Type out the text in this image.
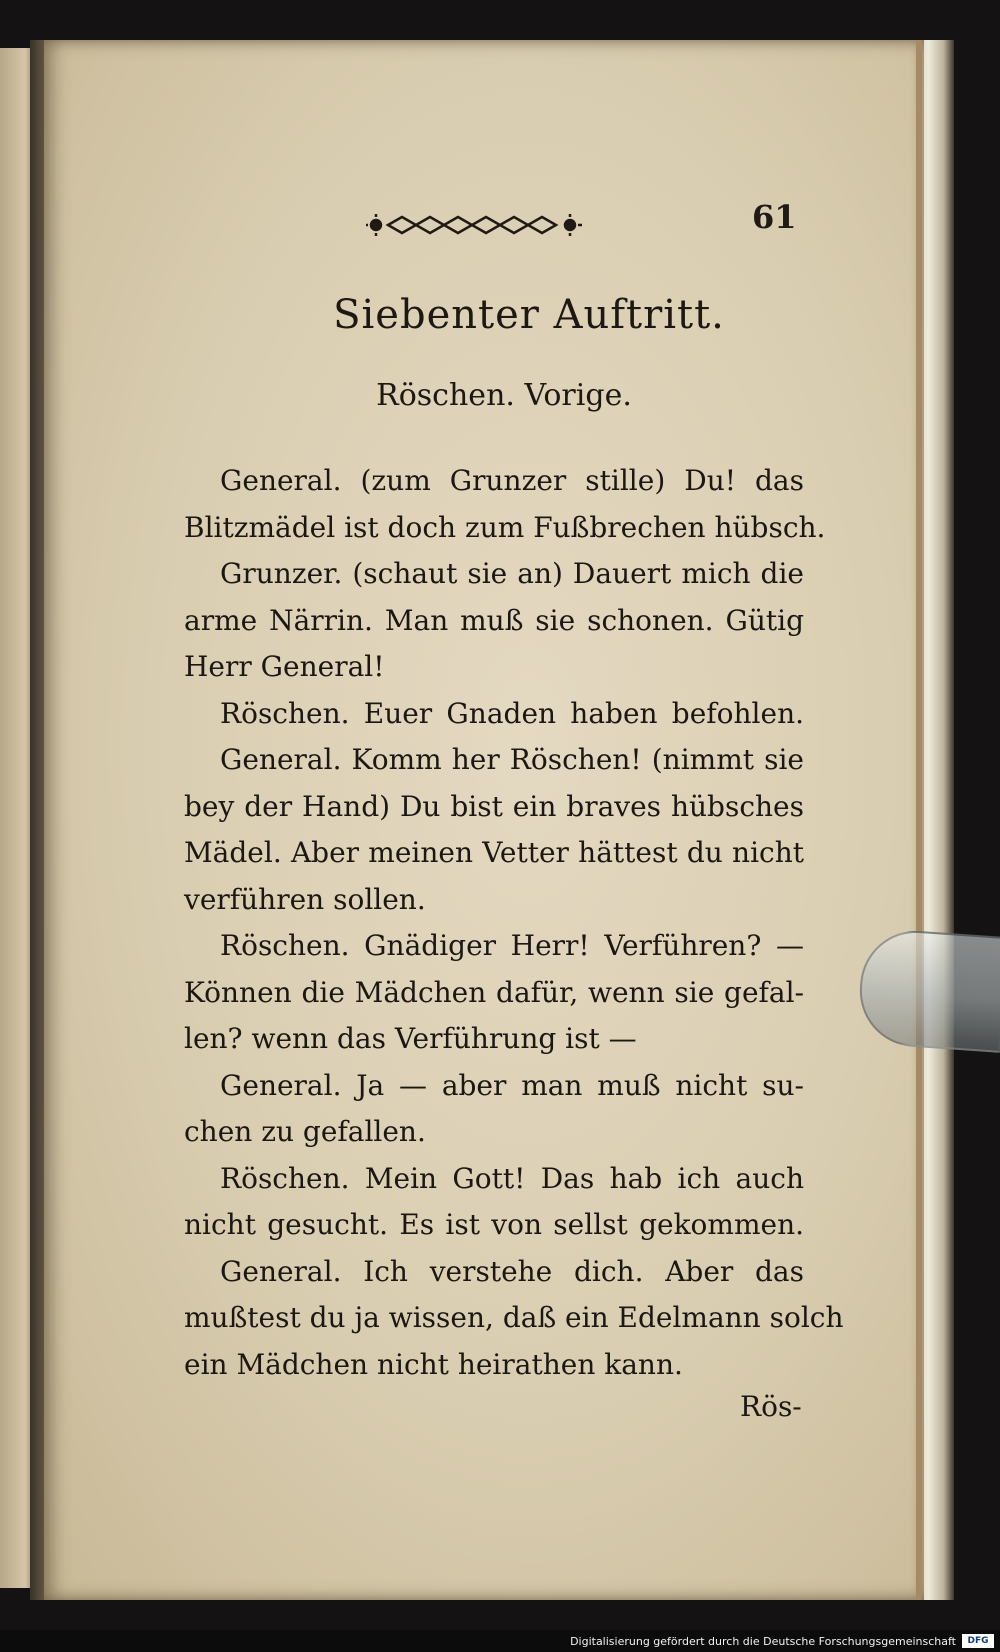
61
Siebenter Auftritt.
Röschen. Vorige.
General. (zum Grunzer stille) Du! das
Blitzmädel ist doch zum Fußbrechen hübsch.
Grunzer. (schaut sie an) Dauert mich die
arme Närrin. Man muß sie schonen. Gütig
Herr General!
Röschen. Euer Gnaden haben befohlen.
General. Komm her Röschen! (nimmt sie
bey der Hand) Du bist ein braves hübsches
Mädel. Aber meinen Vetter hättest du nicht
verführen sollen.
Röschen. Gnädiger Herr! Verführen? —
Können die Mädchen dafür, wenn sie gefal-
len? wenn das Verführung ist —
General. Ja — aber man muß nicht su-
chen zu gefallen.
Röschen. Mein Gott! Das hab ich auch
nicht gesucht. Es ist von sellst gekommen.
General. Ich verstehe dich. Aber das
mußtest du ja wissen, daß ein Edelmann solch
ein Mädchen nicht heirathen kann.
Rös-
Digitalisierung gefördert durch die Deutsche Forschungsgemeinschaft	DFG
